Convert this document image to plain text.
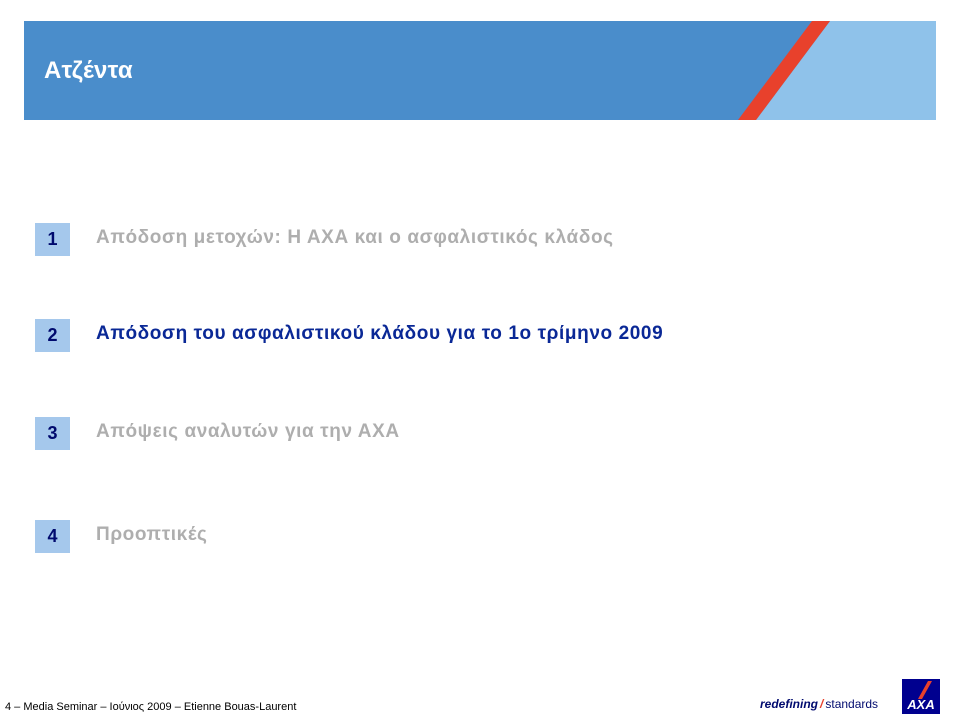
Ατζέντα
1	Απόδοση μετοχών: Η ΑΧΑ και ο ασφαλιστικός κλάδος
2	Απόδοση του ασφαλιστικού κλάδου για το 1ο τρίμηνο 2009
3	Απόψεις αναλυτών για την ΑΧΑ
4	Προοπτικές
4 – Media Seminar – Ιούνιος 2009 – Etienne Bouas-Laurent	redefining / standards AXA
